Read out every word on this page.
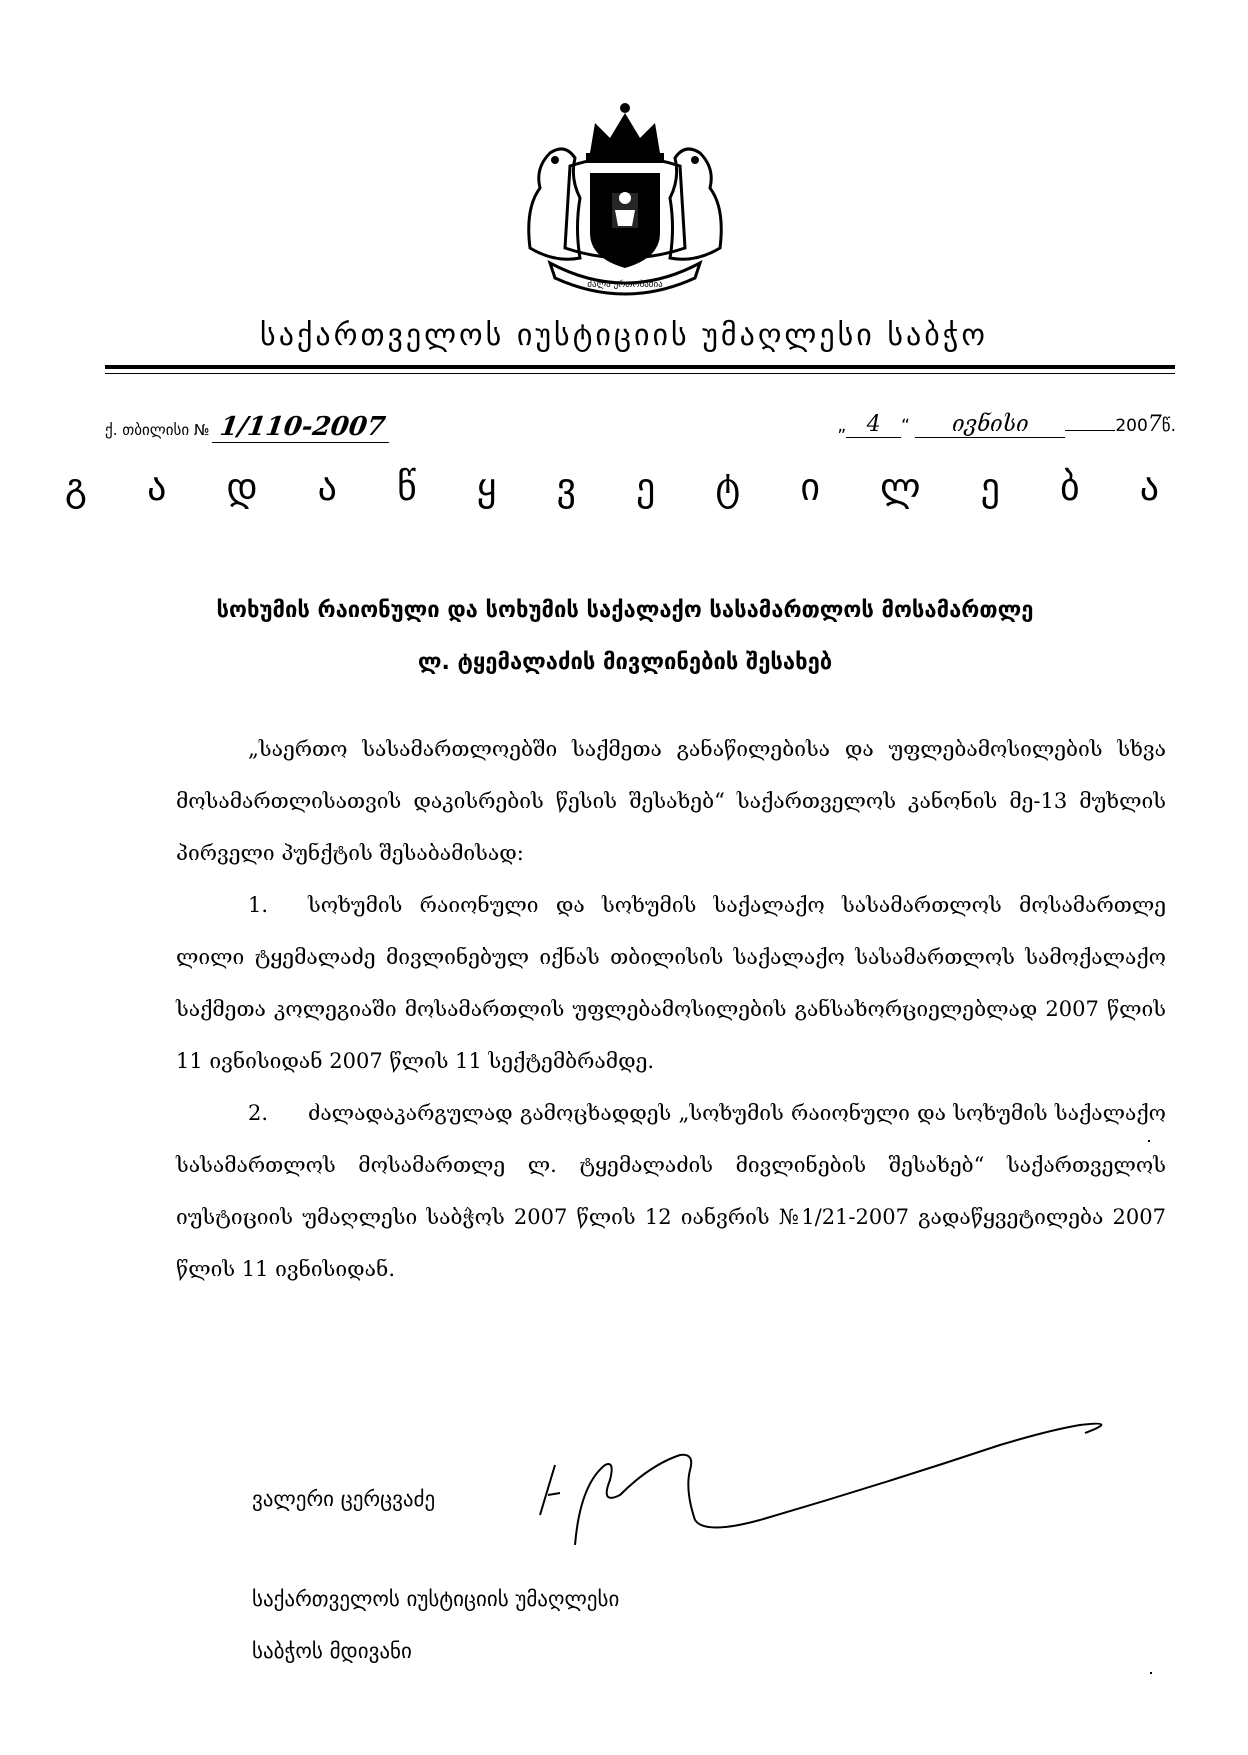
ძალა ერთობაშია
საქართველოს იუსტიციის უმაღლესი საბჭო
ქ. თბილისი № 1/110-2007	„ 4 “ ივნისი	2007წ.
გ ა დ ა წ ყ ვ ე ტ ი ლ ე ბ ა
სოხუმის რაიონული და სოხუმის საქალაქო სასამართლოს მოსამართლე
ლ. ტყემალაძის მივლინების შესახებ

„საერთო სასამართლოებში საქმეთა განაწილებისა და უფლებამოსილების სხვა მოსამართლისათვის დაკისრების წესის შესახებ“ საქართველოს კანონის მე-13 მუხლის პირველი პუნქტის შესაბამისად:

1. სოხუმის რაიონული და სოხუმის საქალაქო სასამართლოს მოსამართლე ლილი ტყემალაძე მივლინებულ იქნას თბილისის საქალაქო სასამართლოს სამოქალაქო საქმეთა კოლეგიაში მოსამართლის უფლებამოსილების განსახორციელებლად 2007 წლის 11 ივნისიდან 2007 წლის 11 სექტემბრამდე.

2. ძალადაკარგულად გამოცხადდეს „სოხუმის რაიონული და სოხუმის საქალაქო სასამართლოს მოსამართლე ლ. ტყემალაძის მივლინების შესახებ“ საქართველოს იუსტიციის უმაღლესი საბჭოს 2007 წლის 12 იანვრის №1/21-2007 გადაწყვეტილება 2007 წლის 11 ივნისიდან.

ვალერი ცერცვაძე
საქართველოს იუსტიციის უმაღლესი
საბჭოს მდივანი
